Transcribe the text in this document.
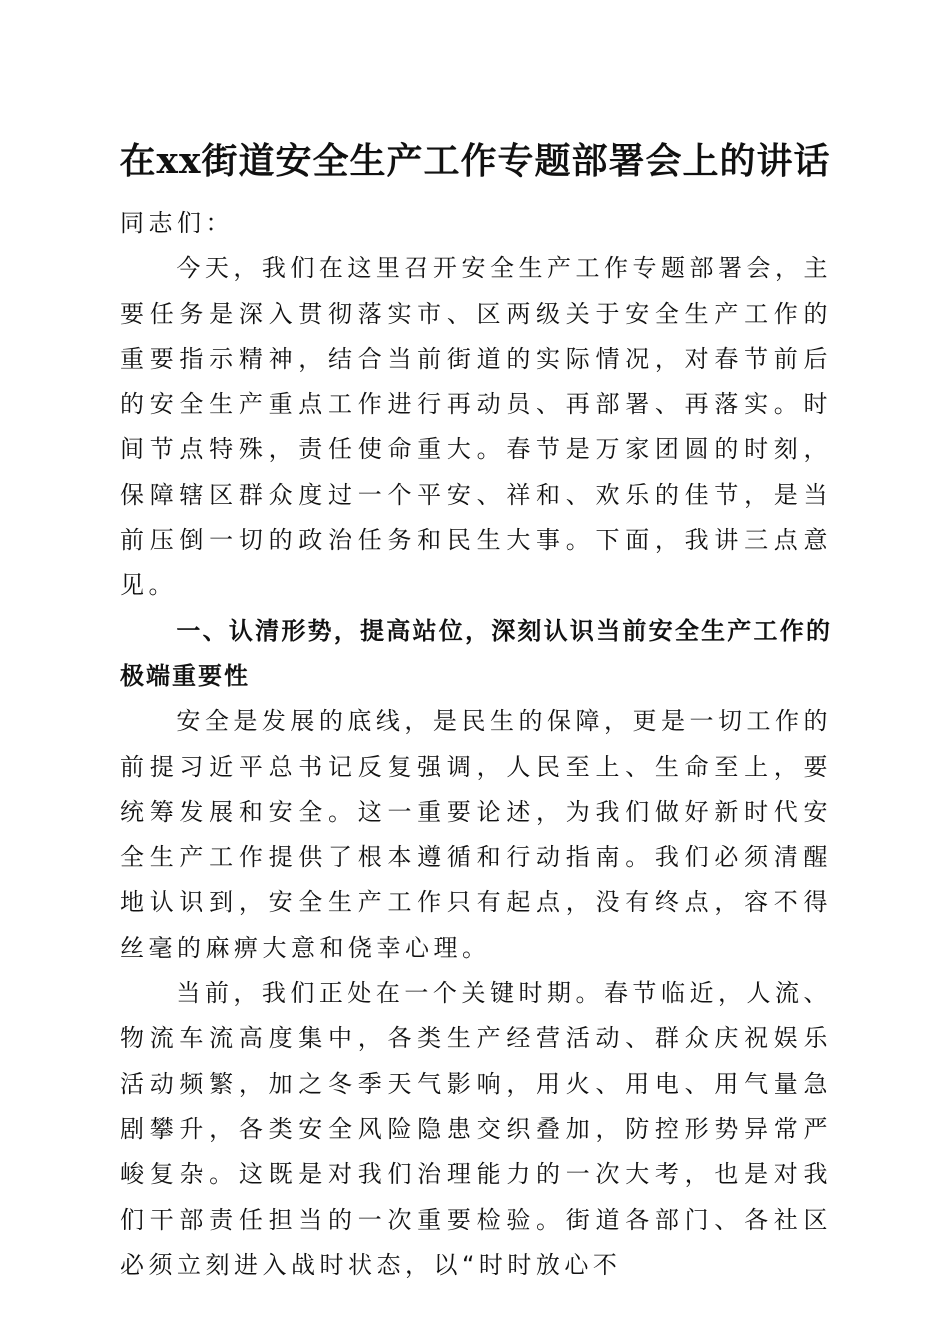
在xx街道安全生产工作专题部署会上的讲话

同志们：

今天，我们在这里召开安全生产工作专题部署会，主要任务是深入贯彻落实市、区两级关于安全生产工作的重要指示精神，结合当前街道的实际情况，对春节前后的安全生产重点工作进行再动员、再部署、再落实。时间节点特殊，责任使命重大。春节是万家团圆的时刻，保障辖区群众度过一个平安、祥和、欢乐的佳节，是当前压倒一切的政治任务和民生大事。下面，我讲三点意见。

一、认清形势，提高站位，深刻认识当前安全生产工作的极端重要性

安全是发展的底线，是民生的保障，更是一切工作的前提习近平总书记反复强调，人民至上、生命至上，要统筹发展和安全。这一重要论述，为我们做好新时代安全生产工作提供了根本遵循和行动指南。我们必须清醒地认识到，安全生产工作只有起点，没有终点，容不得丝毫的麻痹大意和侥幸心理。

当前，我们正处在一个关键时期。春节临近，人流、物流车流高度集中，各类生产经营活动、群众庆祝娱乐活动频繁，加之冬季天气影响，用火、用电、用气量急剧攀升，各类安全风险隐患交织叠加，防控形势异常严峻复杂。这既是对我们治理能力的一次大考，也是对我们干部责任担当的一次重要检验。街道各部门、各社区必须立刻进入战时状态，以“时时放心不
